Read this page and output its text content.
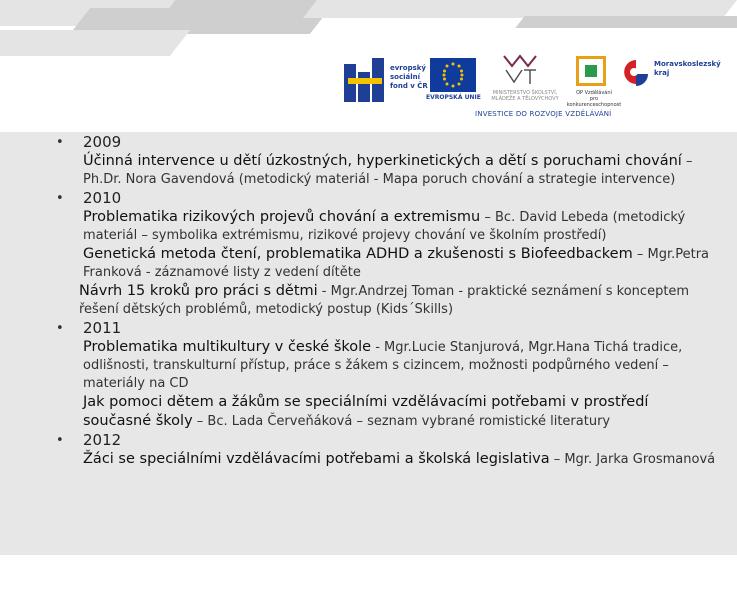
evropský
sociální
fond v ČR
EVROPSKÁ UNIE
MINISTERSTVO ŠKOLSTVÍ,
MLÁDEŽE A TĚLOVÝCHOVY
OP Vzdělávání
pro konkurenceschopnost
Moravskoslezský
kraj
INVESTICE DO ROZVOJE VZDĚLÁVÁNÍ
• 2009
Účinná intervence u dětí úzkostných, hyperkinetických a dětí s poruchami chování – Ph.Dr. Nora Gavendová (metodický materiál - Mapa poruch chování a strategie intervence)
• 2010
Problematika rizikových projevů chování a extremismu – Bc. David Lebeda (metodický materiál – symbolika extrémismu, rizikové projevy chování ve školním prostředí)
Genetická metoda čtení, problematika ADHD a zkušenosti s Biofeedbackem – Mgr.Petra Franková - záznamové listy z vedení dítěte
Návrh 15 kroků pro práci s dětmi - Mgr.Andrzej Toman - praktické seznámení s konceptem řešení dětských problémů, metodický postup (Kids´Skills)
• 2011
Problematika multikultury v české škole - Mgr.Lucie Stanjurová, Mgr.Hana Tichá tradice, odlišnosti, transkulturní přístup, práce s žákem s cizincem, možnosti podpůrného vedení – materiály na CD
Jak pomoci dětem a žákům se speciálními vzdělávacími potřebami v prostředí současné školy – Bc. Lada Červeňáková – seznam vybrané romistické literatury
• 2012
Žáci se speciálními vzdělávacími potřebami a školská legislativa – Mgr. Jarka Grosmanová
